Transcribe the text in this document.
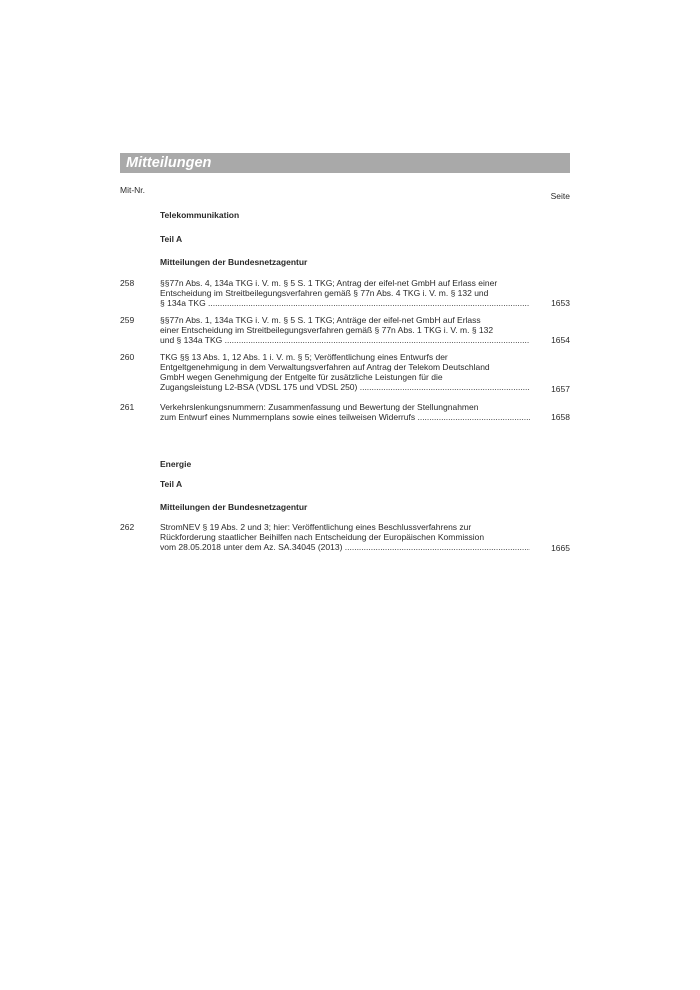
Mitteilungen
Mit-Nr.
Seite
Telekommunikation
Teil A
Mitteilungen der Bundesnetzagentur
258	§§77n Abs. 4, 134a TKG i. V. m. § 5 S. 1 TKG; Antrag der eifel-net GmbH auf Erlass einer
Entscheidung im Streitbeilegungsverfahren gemäß § 77n Abs. 4 TKG i. V. m. § 132 und
§ 134a TKG .....	1653
259	§§77n Abs. 1, 134a TKG i. V. m. § 5 S. 1 TKG; Anträge der eifel-net GmbH auf Erlass
einer Entscheidung im Streitbeilegungsverfahren gemäß § 77n Abs. 1 TKG i. V. m. § 132
und § 134a TKG .....	1654
260	TKG §§ 13 Abs. 1, 12 Abs. 1 i. V. m. § 5; Veröffentlichung eines Entwurfs der
Entgeltgenehmigung in dem Verwaltungsverfahren auf Antrag der Telekom Deutschland
GmbH wegen Genehmigung der Entgelte für zusätzliche Leistungen für die
Zugangsleistung L2-BSA (VDSL 175 und VDSL 250) .....	1657
261	Verkehrslenkungsnummern: Zusammenfassung und Bewertung der Stellungnahmen
zum Entwurf eines Nummernplans sowie eines teilweisen Widerrufs .....	1658
Energie
Teil A
Mitteilungen der Bundesnetzagentur
262	StromNEV § 19 Abs. 2 und 3; hier: Veröffentlichung eines Beschlussverfahrens zur
Rückforderung staatlicher Beihilfen nach Entscheidung der Europäischen Kommission
vom 28.05.2018 unter dem Az. SA.34045 (2013) .....	1665
